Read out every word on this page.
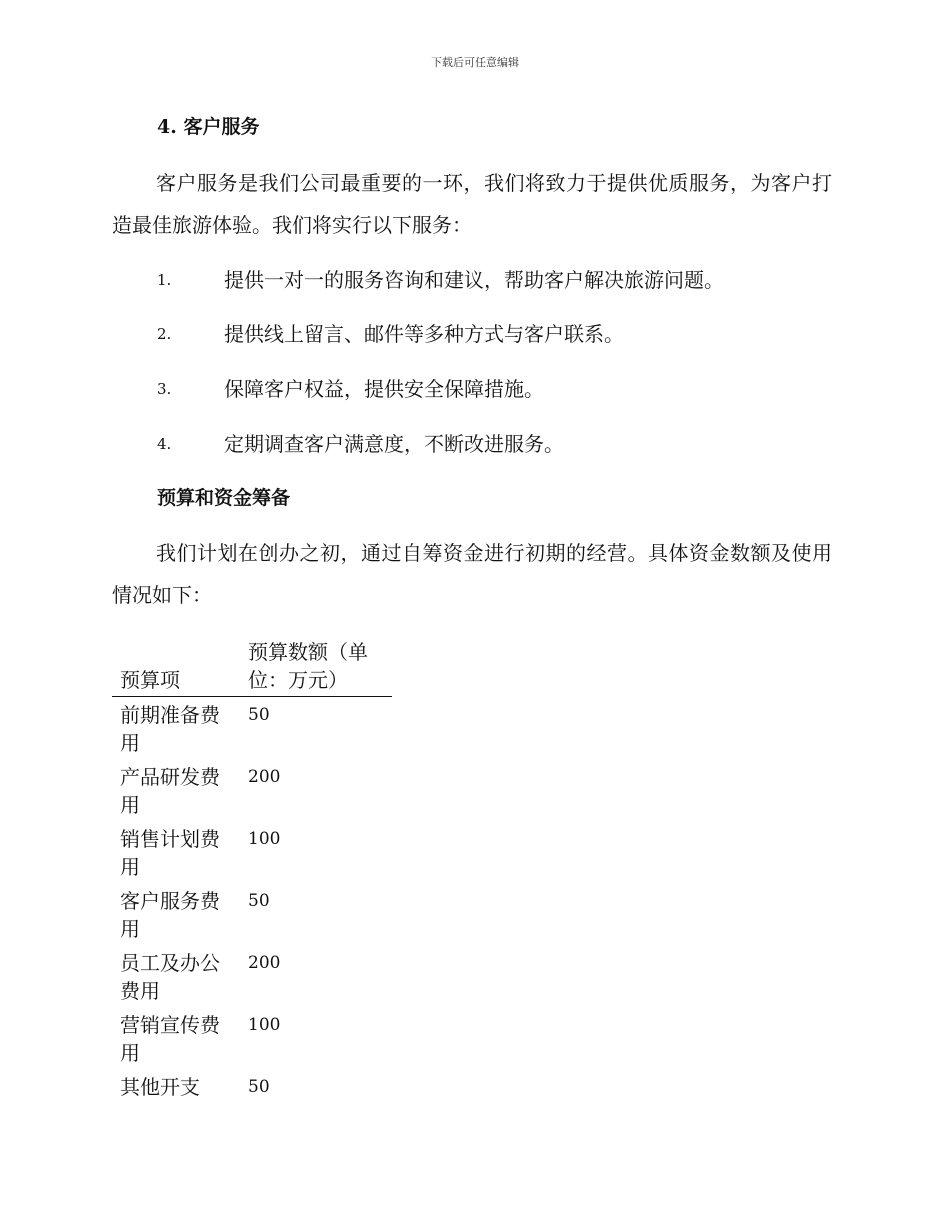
下载后可任意编辑
4. 客户服务
客户服务是我们公司最重要的一环，我们将致力于提供优质服务，为客户打造最佳旅游体验。我们将实行以下服务：
1.	提供一对一的服务咨询和建议，帮助客户解决旅游问题。
2.	提供线上留言、邮件等多种方式与客户联系。
3.	保障客户权益，提供安全保障措施。
4.	定期调查客户满意度，不断改进服务。
预算和资金筹备
我们计划在创办之初，通过自筹资金进行初期的经营。具体资金数额及使用情况如下：
预算项	预算数额（单位：万元）
前期准备费用	50
产品研发费用	200
销售计划费用	100
客户服务费用	50
员工及办公费用	200
营销宣传费用	100
其他开支	50
